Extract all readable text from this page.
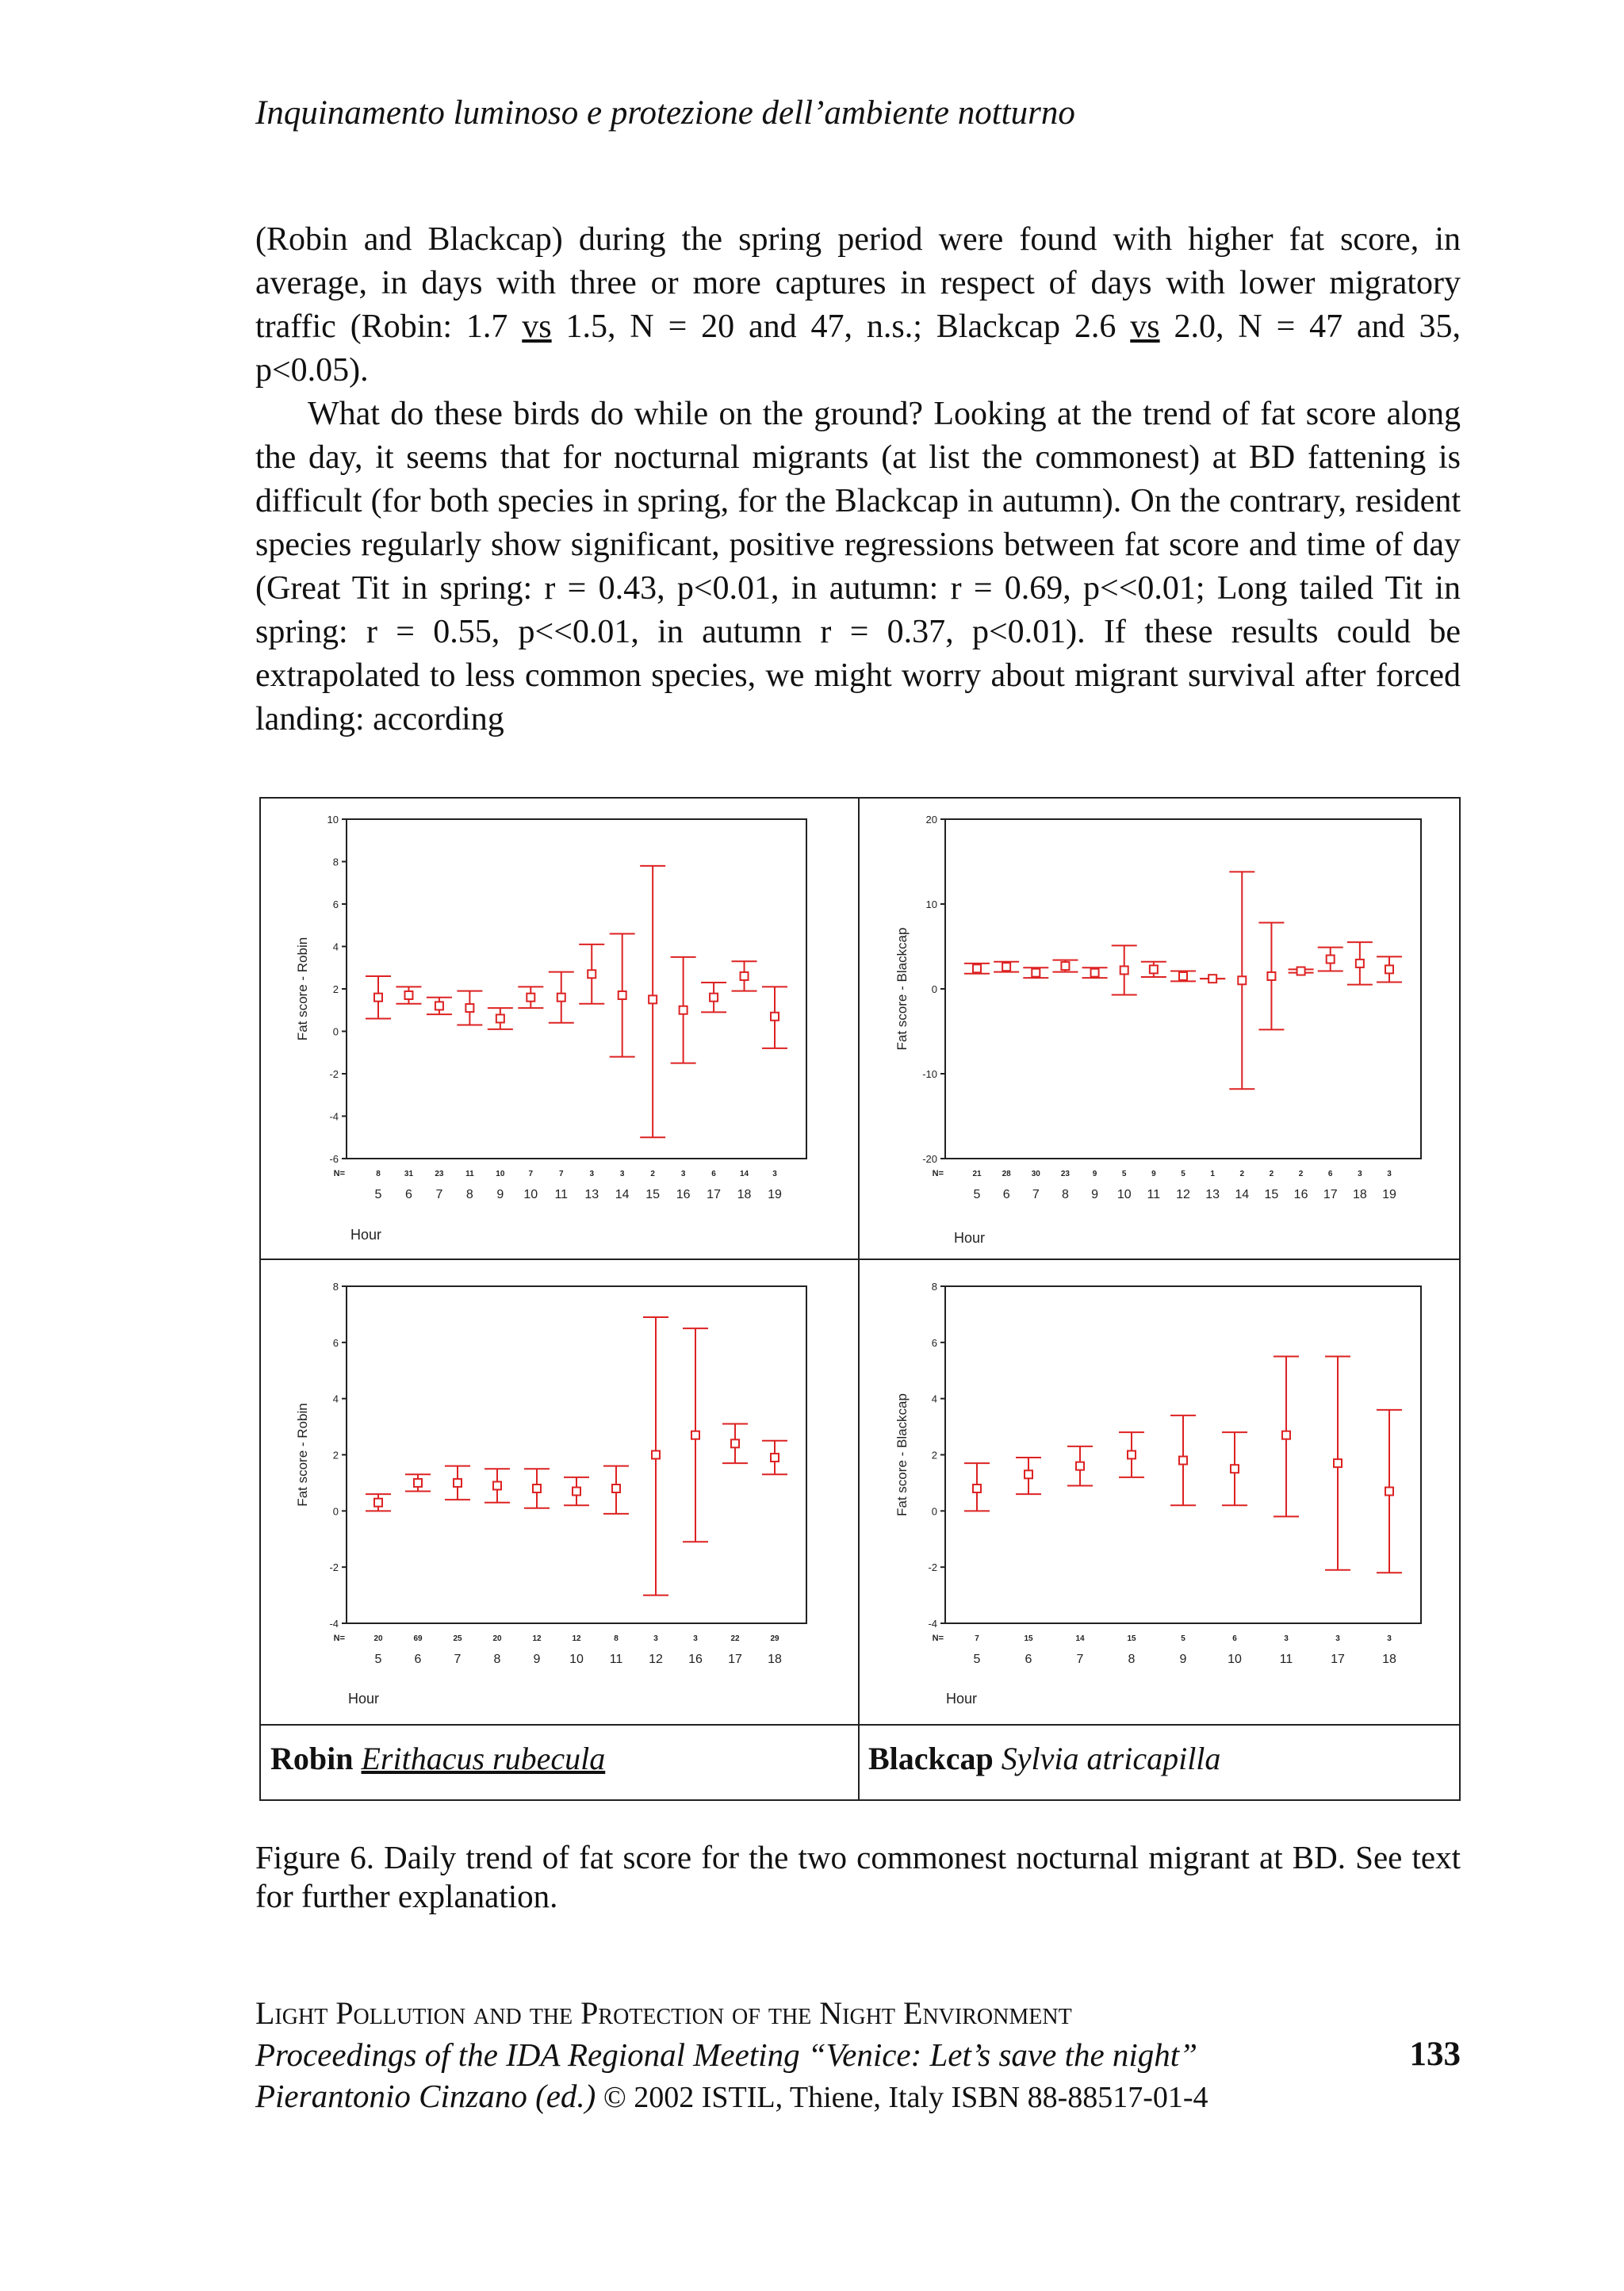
Inquinamento luminoso e protezione dell’ambiente notturno

(Robin and Blackcap) during the spring period were found with higher fat score, in average, in days with three or more captures in respect of days with lower migratory traffic (Robin: 1.7 vs 1.5, N = 20 and 47, n.s.; Blackcap 2.6 vs 2.0, N = 47 and 35, p<0.05).

What do these birds do while on the ground? Looking at the trend of fat score along the day, it seems that for nocturnal migrants (at list the commonest) at BD fattening is difficult (for both species in spring, for the Blackcap in autumn). On the contrary, resident species regularly show significant, positive regressions between fat score and time of day (Great Tit in spring: r = 0.43, p<0.01, in autumn: r = 0.69, p<<0.01; Long tailed Tit in spring: r = 0.55, p<<0.01, in autumn r = 0.37, p<0.01). If these results could be extrapolated to less common species, we might worry about migrant survival after forced landing: according

Robin Erithacus rubecula	Blackcap Sylvia atricapilla
-6
-4
-2
0
2
4
6
8
10
Fat score - Robin
N=	8
5
31
6
23
7
11
8
10
9
7
10
7
11
3
13
3
14
2
15
3
16
6
17
14
18
3
19
Hour
-20
-10
0
10
20
Fat score - Blackcap
N=	21
5
28
6
30
7
23
8
9
9
5
10
9
11
5
12
1
13
2
14
2
15
2
16
6
17
3
18
3
19
Hour
-4
-2
0
2
4
6
8
Fat score - Robin
N=	20
5
69
6
25
7
20
8
12
9
12
10
8
11
3
12
3
16
22
17
29
18
Hour
-4
-2
0
2
4
6
8
Fat score - Blackcap
N=	7
5
15
6
14
7
15
8
5
9
6
10
3
11
3
17
3
18
Hour

Figure 6. Daily trend of fat score for the two commonest nocturnal migrant at BD. See text for further explanation.

Light Pollution and the Protection of the Night Environment
Proceedings of the IDA Regional Meeting “Venice: Let’s save the night”
Pierantonio Cinzano (ed.) © 2002 ISTIL, Thiene, Italy ISBN 88-88517-01-4
133
